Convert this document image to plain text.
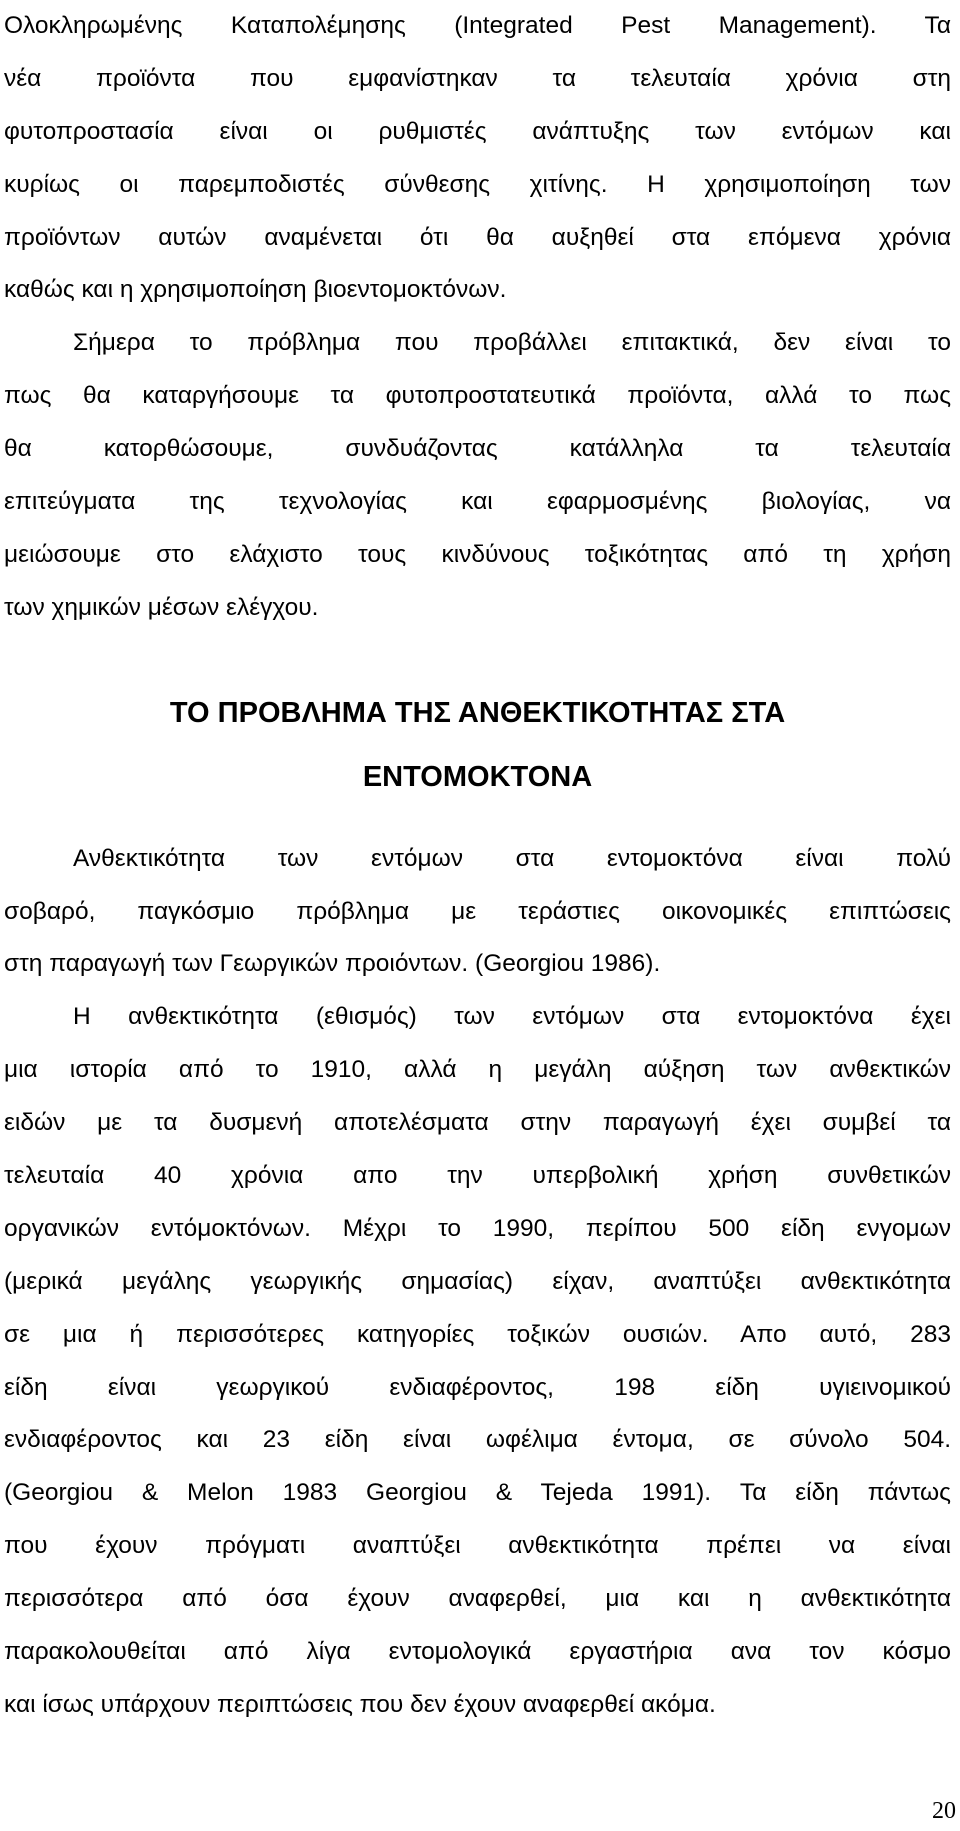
Ολοκληρωμένης Καταπολέμησης (Integrated Pest Management). Τα
νέα προϊόντα που εμφανίστηκαν τα τελευταία χρόνια στη
φυτοπροστασία είναι οι ρυθμιστές ανάπτυξης των εντόμων και
κυρίως οι παρεμποδιστές σύνθεσης χιτίνης. Η χρησιμοποίηση των
προϊόντων αυτών αναμένεται ότι θα αυξηθεί στα επόμενα χρόνια
καθώς και η χρησιμοποίηση βιοεντομοκτόνων.
Σήμερα το πρόβλημα που προβάλλει επιτακτικά, δεν είναι το
πως θα καταργήσουμε τα φυτοπροστατευτικά προϊόντα, αλλά το πως
θα κατορθώσουμε, συνδυάζοντας κατάλληλα τα τελευταία
επιτεύγματα της τεχνολογίας και εφαρμοσμένης βιολογίας, να
μειώσουμε στο ελάχιστο τους κινδύνους τοξικότητας από τη χρήση
των χημικών μέσων ελέγχου.
ΤΟ ΠΡΟΒΛΗΜΑ ΤΗΣ ΑΝΘΕΚΤΙΚΟΤΗΤΑΣ ΣΤΑ
ΕΝΤΟΜΟΚΤΟΝΑ
Ανθεκτικότητα των εντόμων στα εντομοκτόνα είναι πολύ
σοβαρό, παγκόσμιο πρόβλημα με τεράστιες οικονομικές επιπτώσεις
στη παραγωγή των Γεωργικών προιόντων. (Georgiou 1986).
Η ανθεκτικότητα (εθισμός) των εντόμων στα εντομοκτόνα έχει
μια ιστορία από το 1910, αλλά η μεγάλη αύξηση των ανθεκτικών
ειδών με τα δυσμενή αποτελέσματα στην παραγωγή έχει συμβεί τα
τελευταία 40 χρόνια απο την υπερβολική χρήση συνθετικών
οργανικών εντόμοκτόνων. Μέχρι το 1990, περίπου 500 είδη ενγομων
(μερικά μεγάλης γεωργικής σημασίας) είχαν, αναπτύξει ανθεκτικότητα
σε μια ή περισσότερες κατηγορίες τοξικών ουσιών. Απο αυτό, 283
είδη είναι γεωργικού ενδιαφέροντος, 198 είδη υγιεινομικού
ενδιαφέροντος και 23 είδη είναι ωφέλιμα έντομα, σε σύνολο 504.
(Georgiou & Melon 1983 Georgiou & Tejeda 1991). Τα είδη πάντως
που έχουν πρόγματι αναπτύξει ανθεκτικότητα πρέπει να είναι
περισσότερα από όσα έχουν αναφερθεί, μια και η ανθεκτικότητα
παρακολουθείται από λίγα εντομολογικά εργαστήρια ανα τον κόσμο
και ίσως υπάρχουν περιπτώσεις που δεν έχουν αναφερθεί ακόμα.
20
